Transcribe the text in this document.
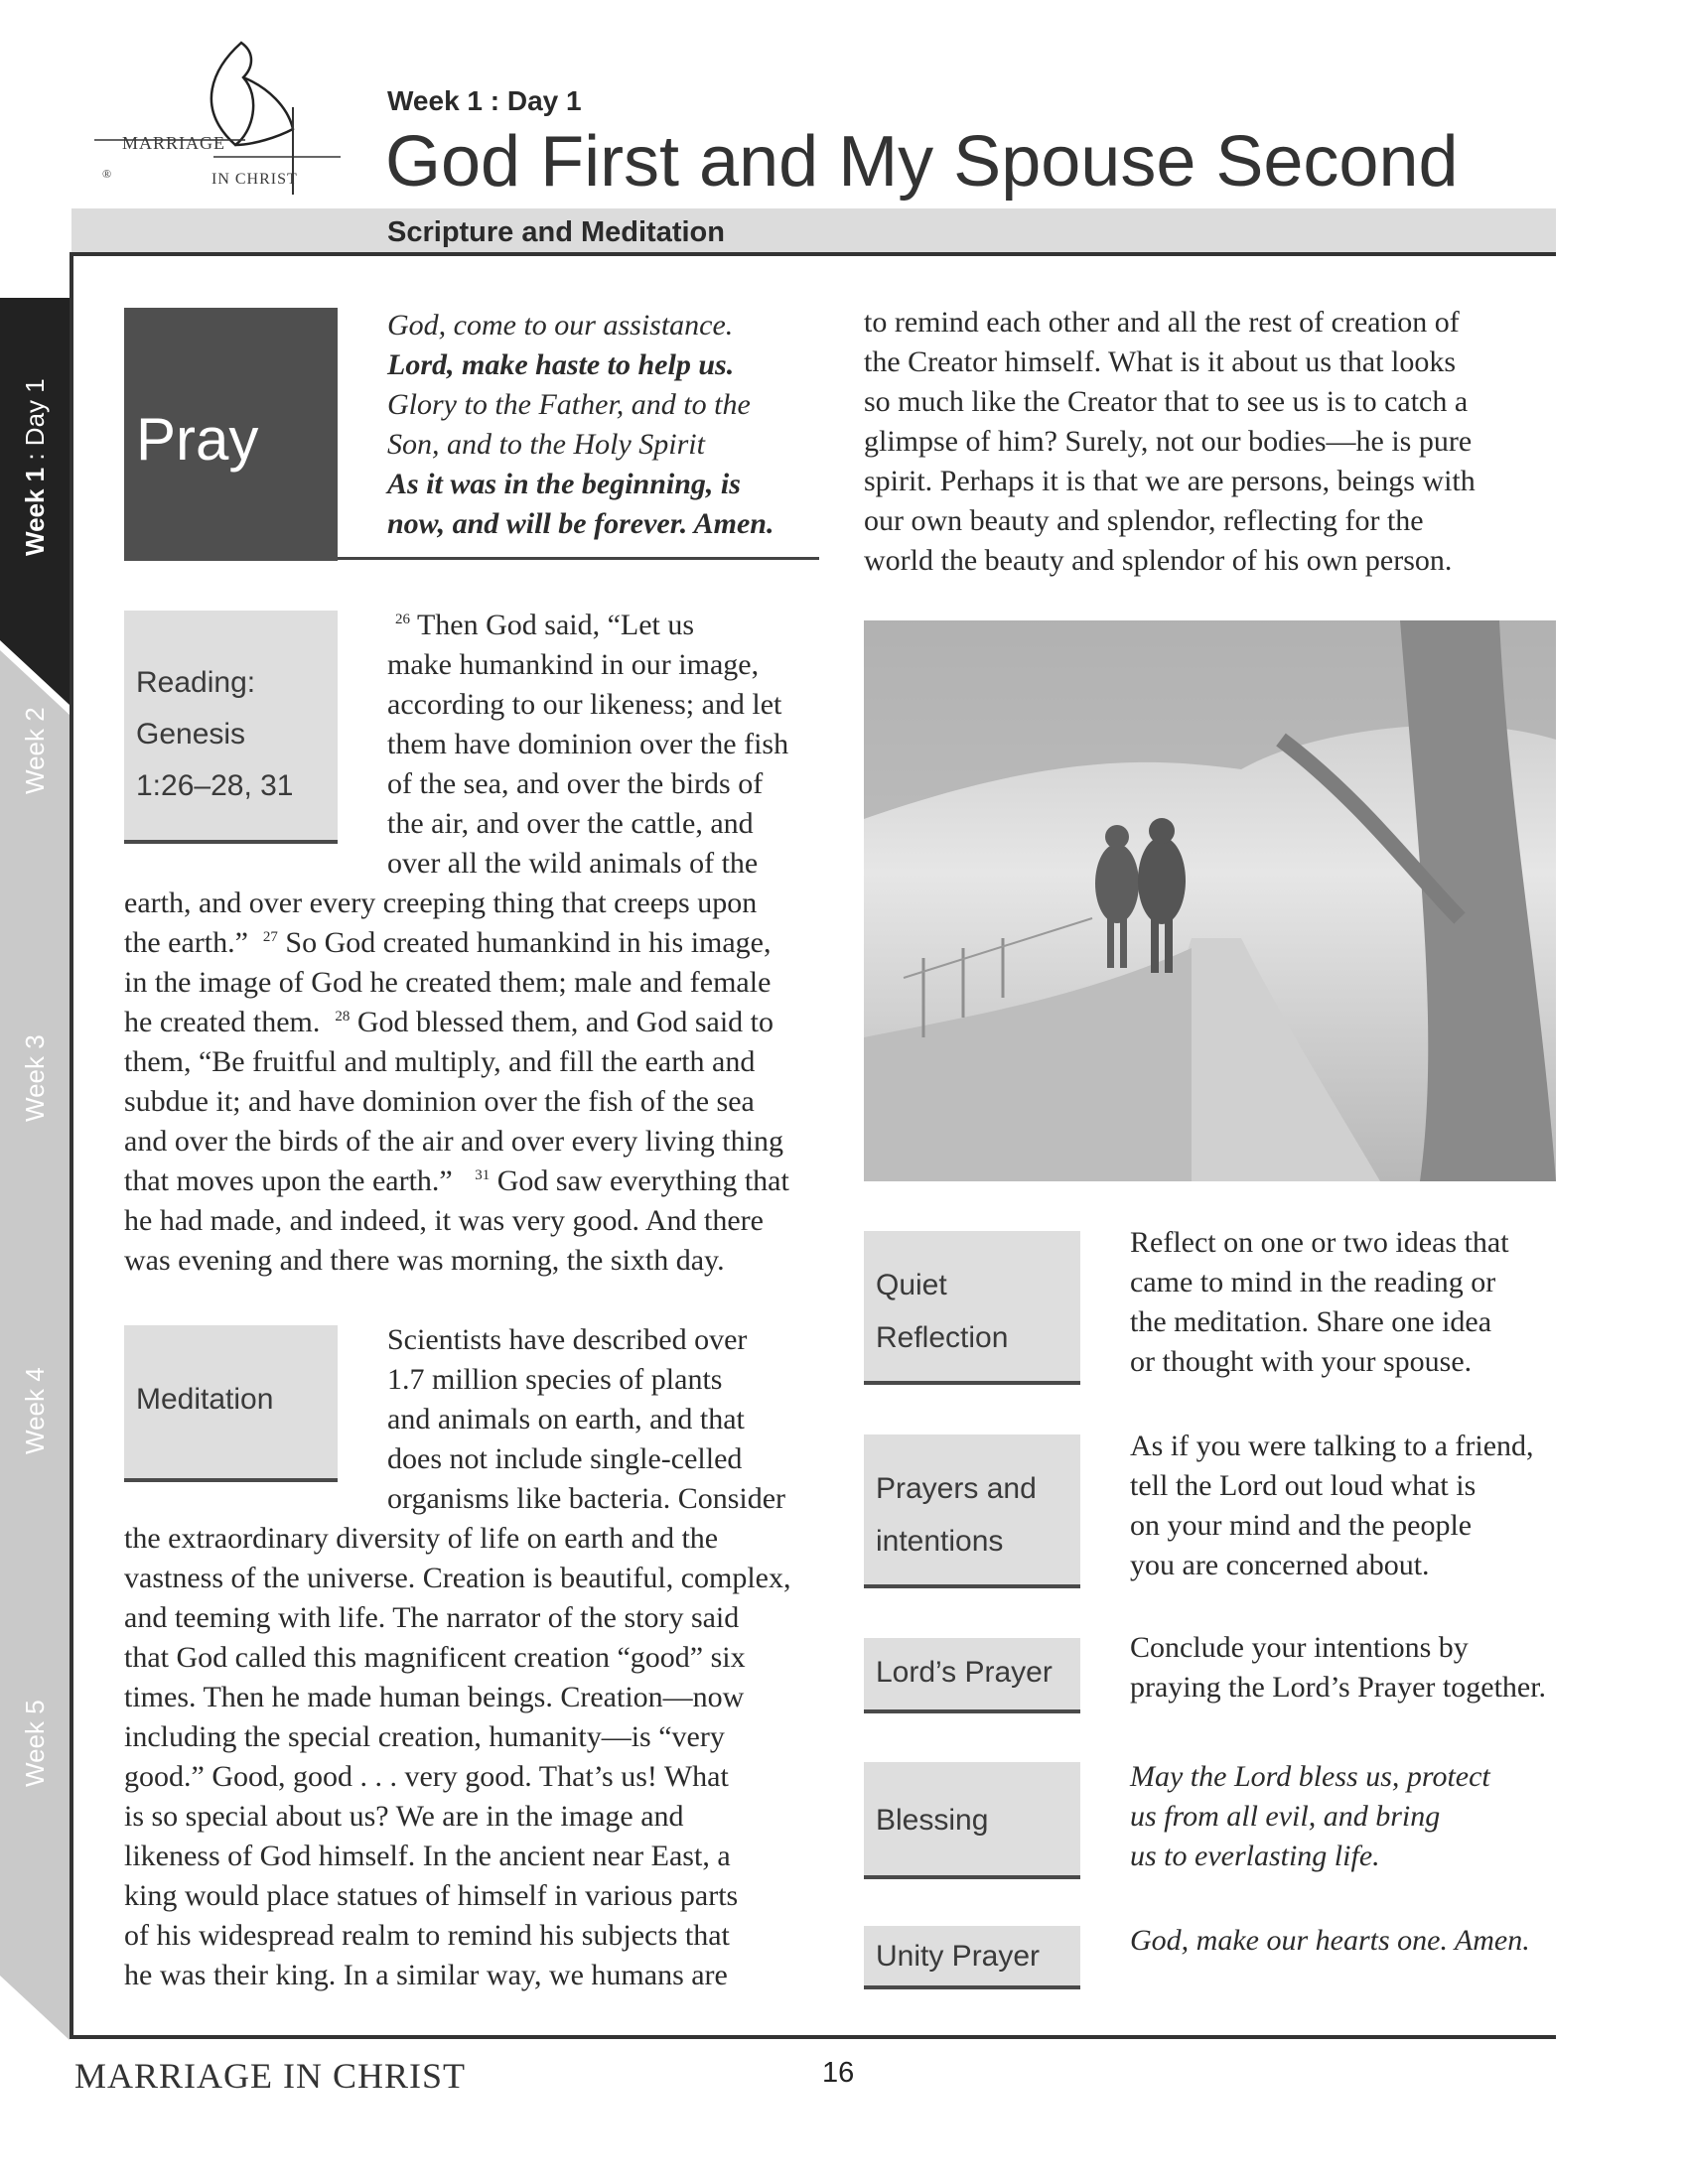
MARRIAGE
IN CHRIST
®
Week 1 : Day 1
God First and My Spouse Second
Scripture and Meditation
Week 1 : Day 1
Week 2
Week 3
Week 4
Week 5
Pray
God, come to our assistance.
Lord, make haste to help us.
Glory to the Father, and to the
Son, and to the Holy Spirit
As it was in the beginning, is
now, and will be forever. Amen.
Reading:
Genesis
1:26–28, 31
$^{26}$ Then God said, “Let us
make humankind in our image,
according to our likeness; and let
them have dominion over the fish
of the sea, and over the birds of
the air, and over the cattle, and
over all the wild animals of the
earth, and over every creeping thing that creeps upon
the earth.” $^{27}$ So God created humankind in his image,
in the image of God he created them; male and female
he created them. $^{28}$ God blessed them, and God said to
them, “Be fruitful and multiply, and fill the earth and
subdue it; and have dominion over the fish of the sea
and over the birds of the air and over every living thing
that moves upon the earth.” $^{31}$ God saw everything that
he had made, and indeed, it was very good. And there
was evening and there was morning, the sixth day.
Meditation
Scientists have described over
1.7 million species of plants
and animals on earth, and that
does not include single-celled
organisms like bacteria. Consider
the extraordinary diversity of life on earth and the
vastness of the universe. Creation is beautiful, complex,
and teeming with life. The narrator of the story said
that God called this magnificent creation “good” six
times. Then he made human beings. Creation—now
including the special creation, humanity—is “very
good.” Good, good . . . very good. That’s us! What
is so special about us? We are in the image and
likeness of God himself. In the ancient near East, a
king would place statues of himself in various parts
of his widespread realm to remind his subjects that
he was their king. In a similar way, we humans are
to remind each other and all the rest of creation of
the Creator himself. What is it about us that looks
so much like the Creator that to see us is to catch a
glimpse of him? Surely, not our bodies—he is pure
spirit. Perhaps it is that we are persons, beings with
our own beauty and splendor, reflecting for the
world the beauty and splendor of his own person.
Quiet
Reflection
Reflect on one or two ideas that
came to mind in the reading or
the meditation. Share one idea
or thought with your spouse.
Prayers and
intentions
As if you were talking to a friend,
tell the Lord out loud what is
on your mind and the people
you are concerned about.
Lord’s Prayer
Conclude your intentions by
praying the Lord’s Prayer together.
Blessing
May the Lord bless us, protect
us from all evil, and bring
us to everlasting life.
Unity Prayer	God, make our hearts one. Amen.
MARRIAGE IN CHRIST	16
